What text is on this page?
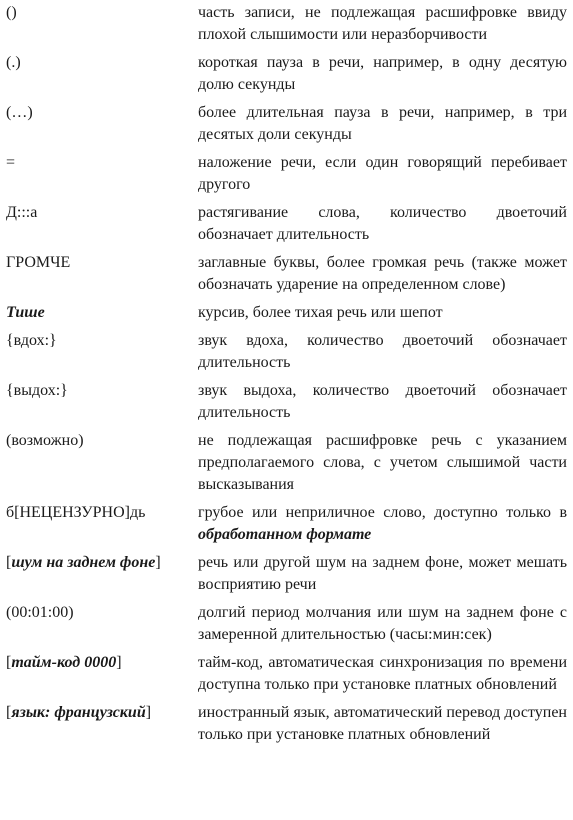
()	часть записи, не подлежащая расшифровке ввиду плохой слышимости или неразборчивости
(.)	короткая пауза в речи, например, в одну десятую долю секунды
(…)	более длительная пауза в речи, например, в три десятых доли секунды
=	наложение речи, если один говорящий перебивает другого
Д:::а	растягивание слова, количество двоеточий обозначает длительность
ГРОМЧЕ	заглавные буквы, более громкая речь (также может обозначать ударение на определенном слове)
Тише	курсив, более тихая речь или шепот
{вдох:}	звук вдоха, количество двоеточий обозначает длительность
{выдох:}	звук выдоха, количество двоеточий обозначает длительность
(возможно)	не подлежащая расшифровке речь с указанием предполагаемого слова, с учетом слышимой части высказывания
б[НЕЦЕНЗУРНО]дь	грубое или неприличное слово, доступно только в обработанном формате
[шум на заднем фоне]	речь или другой шум на заднем фоне, может мешать восприятию речи
(00:01:00)	долгий период молчания или шум на заднем фоне с замеренной длительностью (часы:мин:сек)
[тайм-код 0000]	тайм-код, автоматическая синхронизация по времени доступна только при установке платных обновлений
[язык: французский]	иностранный язык, автоматический перевод доступен только при установке платных обновлений
